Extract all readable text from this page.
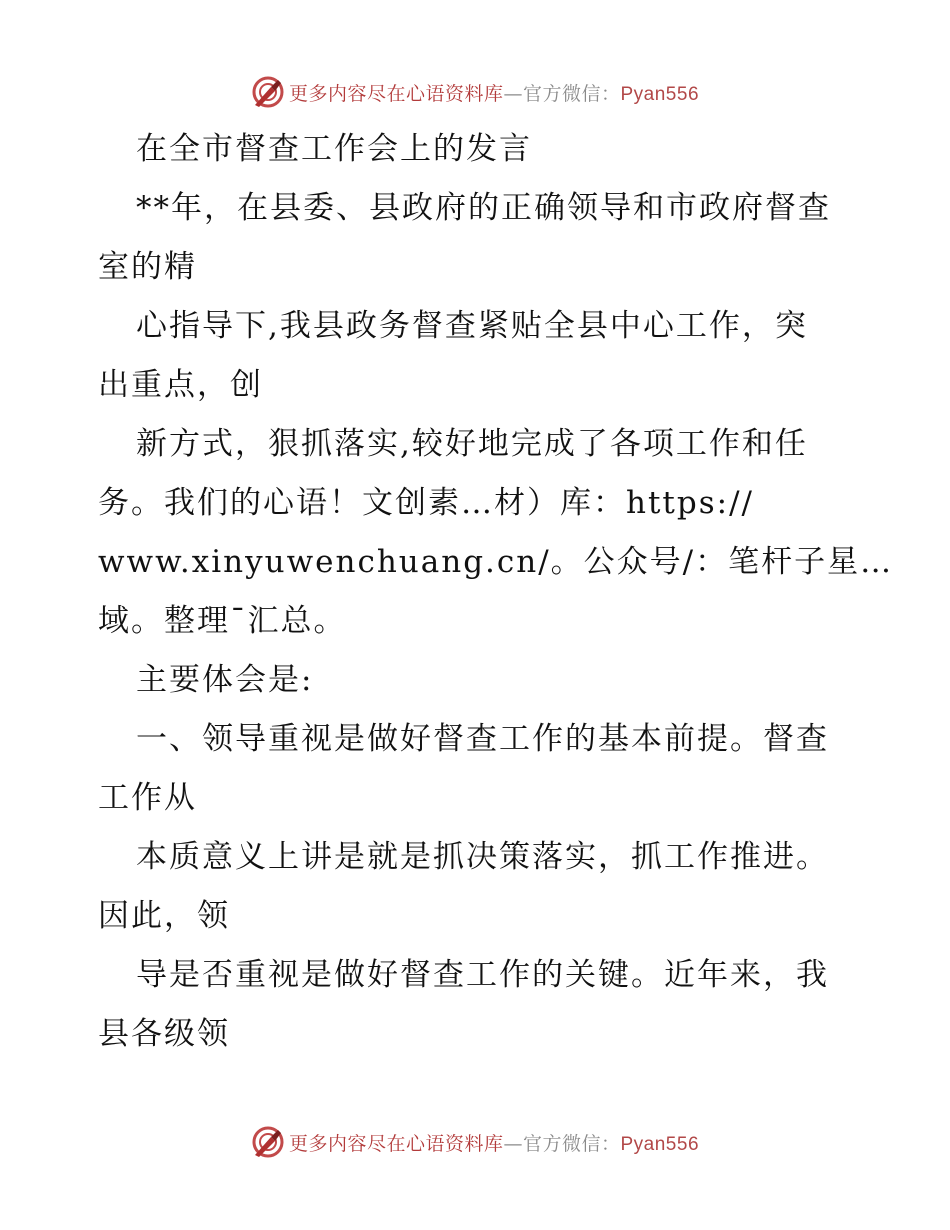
更多内容尽在心语资料库—官方微信：Pyan556

在全市督查工作会上的发言

**年，在县委、县政府的正确领导和市政府督查

室的精

心指导下,我县政务督查紧贴全县中心工作，突

出重点，创

新方式，狠抓落实,较好地完成了各项工作和任

务。我们的心语！文创素…材）库：https://

www.xinyuwenchuang.cn/。公众号/：笔杆子星…

域。整理¯汇总。

主要体会是:

一、领导重视是做好督查工作的基本前提。督查

工作从

本质意义上讲是就是抓决策落实，抓工作推进。

因此，领

导是否重视是做好督查工作的关键。近年来，我

县各级领

更多内容尽在心语资料库—官方微信：Pyan556
